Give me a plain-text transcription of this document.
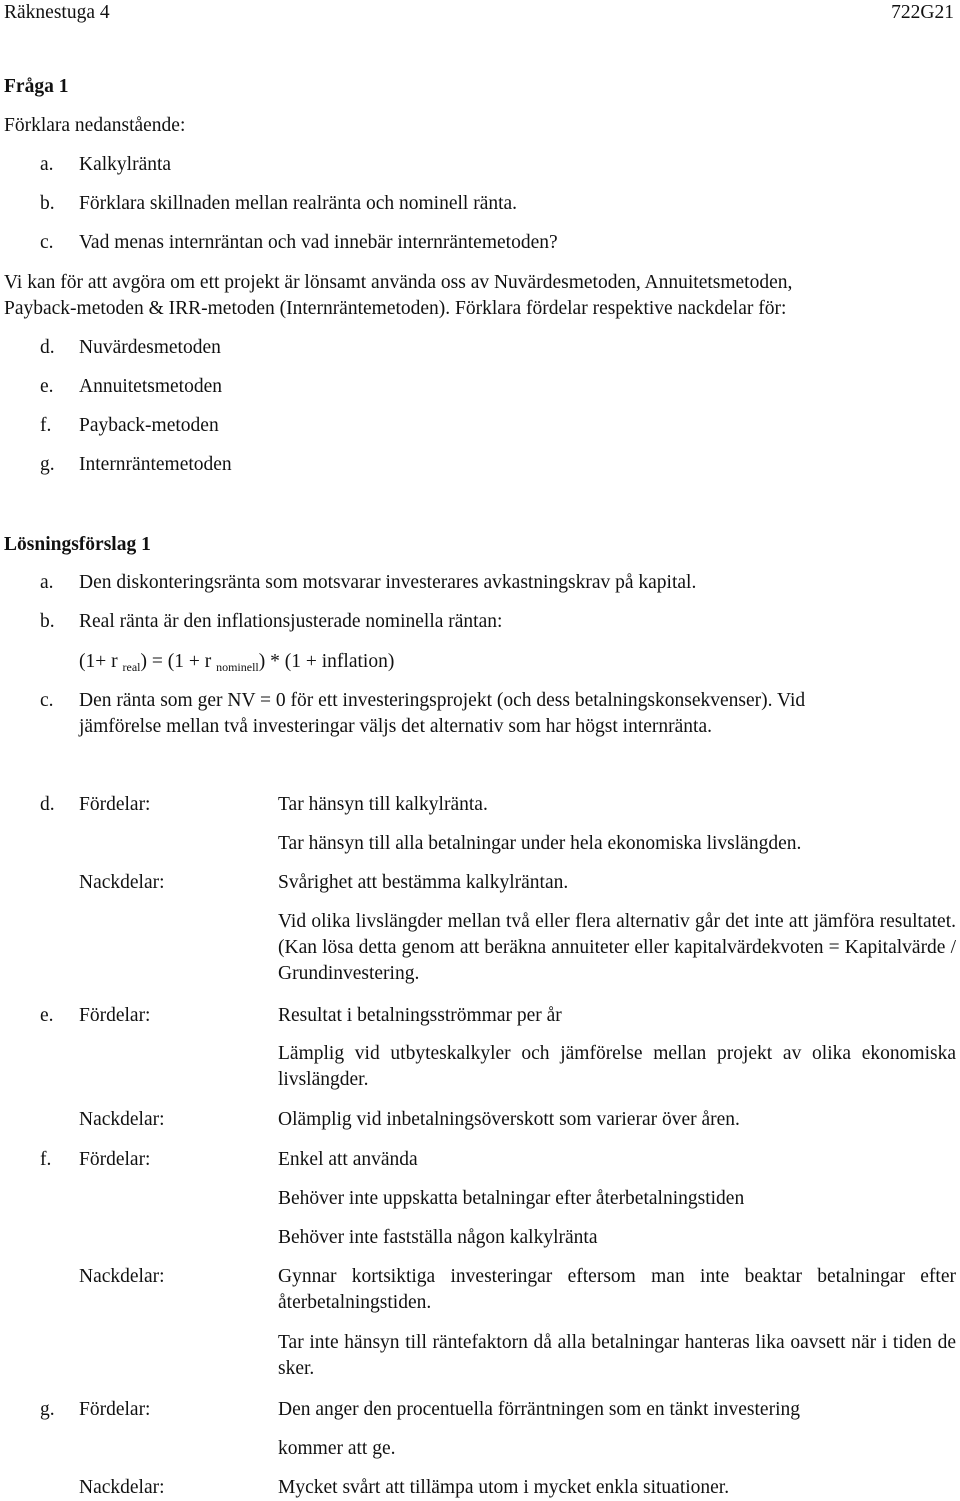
Räknestuga 4	722G21
Fråga 1
Förklara nedanstående:
a. Kalkylränta
b. Förklara skillnaden mellan realränta och nominell ränta.
c. Vad menas internräntan och vad innebär internräntemetoden?
Vi kan för att avgöra om ett projekt är lönsamt använda oss av Nuvärdesmetoden, Annuitetsmetoden,
Payback-metoden & IRR-metoden (Internräntemetoden). Förklara fördelar respektive nackdelar för:
d. Nuvärdesmetoden
e. Annuitetsmetoden
f. Payback-metoden
g. Internräntemetoden
Lösningsförslag 1
a. Den diskonteringsränta som motsvarar investerares avkastningskrav på kapital.
b. Real ränta är den inflationsjusterade nominella räntan:
(1+ r $_{real}$) = (1 + r $_{nominell}$) * (1 + inflation)
c. Den ränta som ger NV = 0 för ett investeringsprojekt (och dess betalningskonsekvenser). Vid
jämförelse mellan två investeringar väljs det alternativ som har högst internränta.
d. Fördelar:	Tar hänsyn till kalkylränta.
Tar hänsyn till alla betalningar under hela ekonomiska livslängden.
Nackdelar:	Svårighet att bestämma kalkylräntan.
Vid olika livslängder mellan två eller flera alternativ går det inte att jämföra resultatet. (Kan lösa detta genom att beräkna annuiteter eller kapitalvärdekvoten = Kapitalvärde / Grundinvestering.
e. Fördelar:	Resultat i betalningsströmmar per år
Lämplig vid utbyteskalkyler och jämförelse mellan projekt av olika ekonomiska livslängder.
Nackdelar:	Olämplig vid inbetalningsöverskott som varierar över åren.
f. Fördelar:	Enkel att använda
Behöver inte uppskatta betalningar efter återbetalningstiden
Behöver inte fastställa någon kalkylränta
Nackdelar:	Gynnar kortsiktiga investeringar eftersom man inte beaktar betalningar efter återbetalningstiden.
Tar inte hänsyn till räntefaktorn då alla betalningar hanteras lika oavsett när i tiden de sker.
g. Fördelar:	Den anger den procentuella förräntningen som en tänkt investering
kommer att ge.
Nackdelar:	Mycket svårt att tillämpa utom i mycket enkla situationer.
